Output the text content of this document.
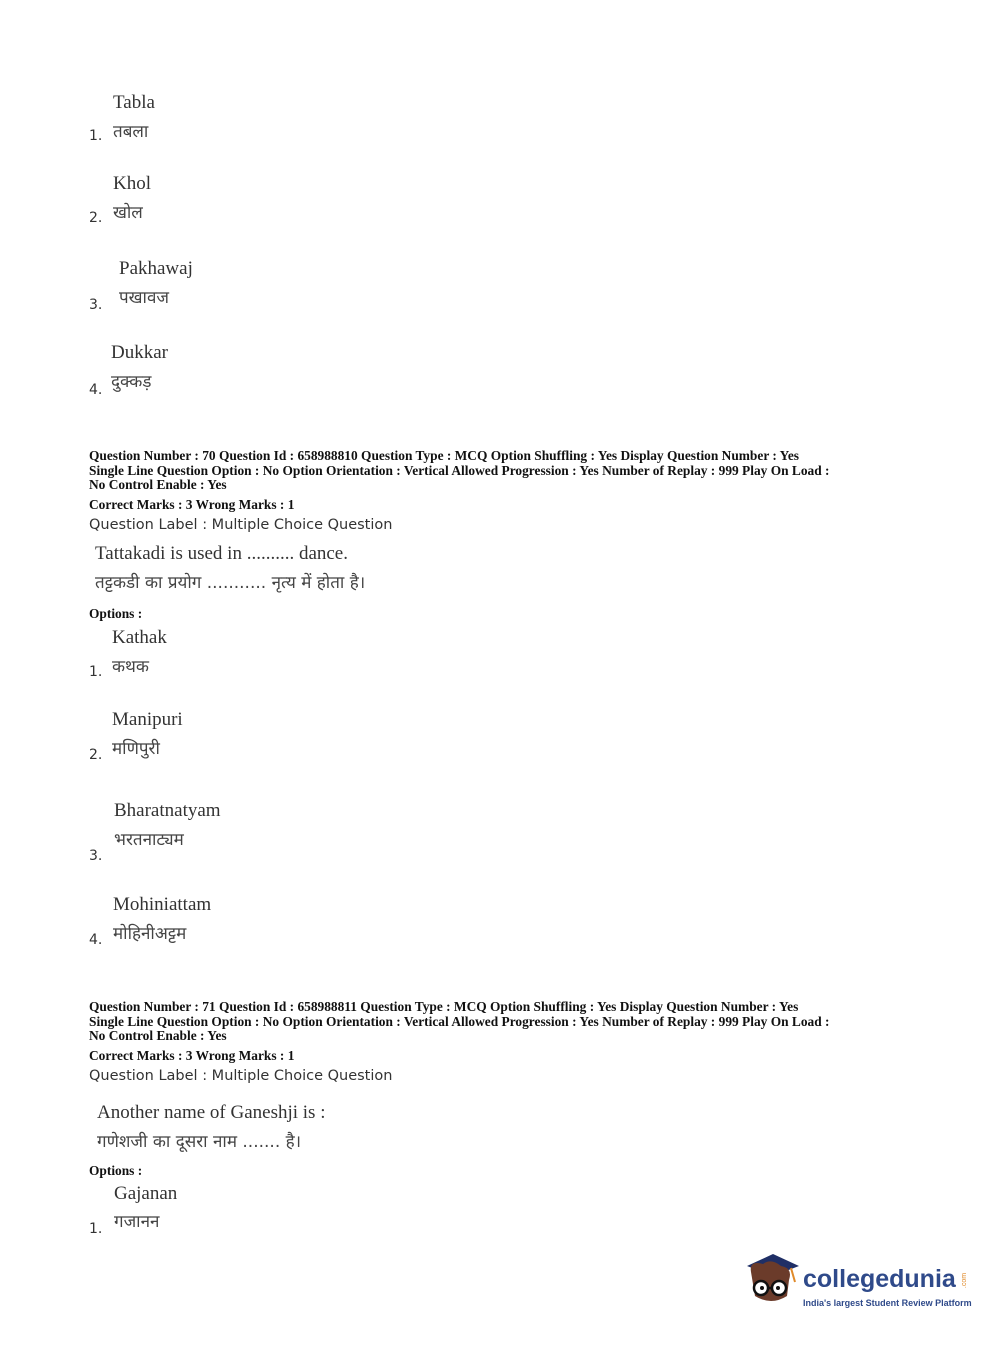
Tabla
तबला
1.
Khol
खोल
2.
Pakhawaj
पखावज
3.
Dukkar
दुक्कड़
4.
Question Number : 70 Question Id : 658988810 Question Type : MCQ Option Shuffling : Yes Display Question Number : Yes
Single Line Question Option : No Option Orientation : Vertical Allowed Progression : Yes Number of Replay : 999 Play On Load :
No Control Enable : Yes
Correct Marks : 3 Wrong Marks : 1
Question Label : Multiple Choice Question
Tattakadi is used in .......... dance.
तट्टकडी का प्रयोग ........... नृत्य में होता है।
Options :
Kathak
कथक
1.
Manipuri
मणिपुरी
2.
Bharatnatyam
भरतनाट्यम
3.
Mohiniattam
मोहिनीअट्टम
4.
Question Number : 71 Question Id : 658988811 Question Type : MCQ Option Shuffling : Yes Display Question Number : Yes
Single Line Question Option : No Option Orientation : Vertical Allowed Progression : Yes Number of Replay : 999 Play On Load :
No Control Enable : Yes
Correct Marks : 3 Wrong Marks : 1
Question Label : Multiple Choice Question
Another name of Ganeshji is :
गणेशजी का दूसरा नाम ....... है।
Options :
Gajanan
गजानन
1.
collegedunia .com
India's largest Student Review Platform
